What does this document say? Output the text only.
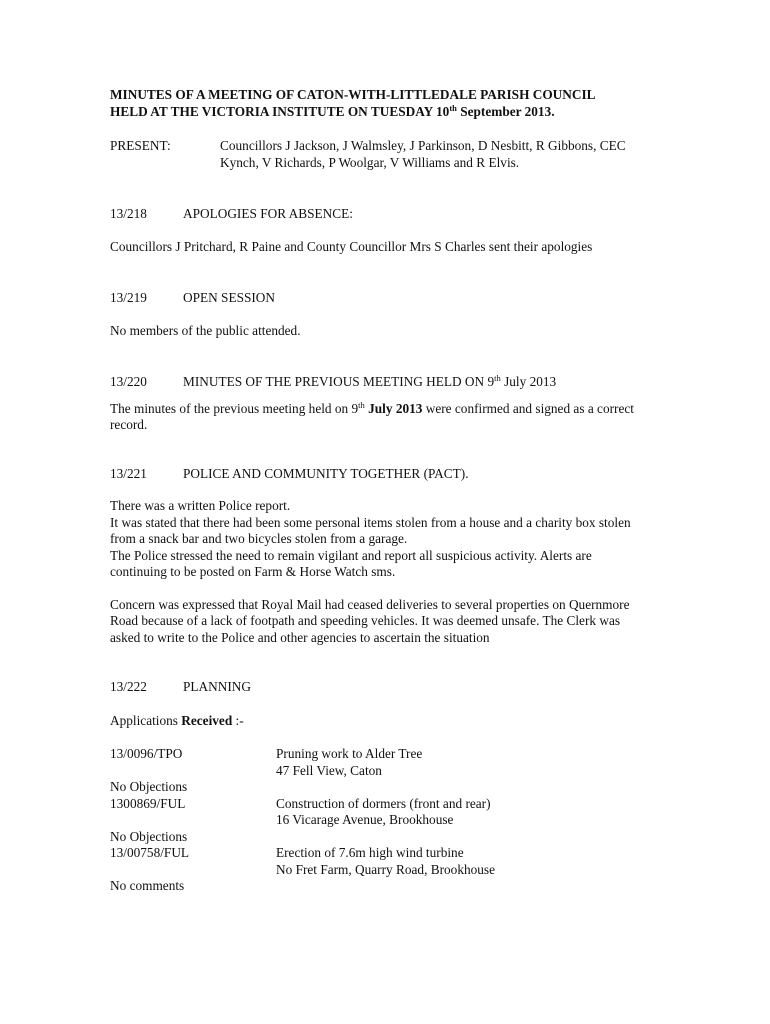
MINUTES OF A MEETING OF CATON-WITH-LITTLEDALE PARISH COUNCIL
HELD AT THE VICTORIA INSTITUTE ON TUESDAY 10th September 2013.
PRESENT:	Councillors J Jackson, J Walmsley, J Parkinson, D Nesbitt, R Gibbons, CEC
Kynch, V Richards, P Woolgar, V Williams and R Elvis.
13/218	APOLOGIES FOR ABSENCE:

Councillors J Pritchard, R Paine and County Councillor Mrs S Charles sent their apologies

13/219	OPEN SESSION

No members of the public attended.

13/220	MINUTES OF THE PREVIOUS MEETING HELD ON 9th July 2013

The minutes of the previous meeting held on 9th July 2013 were confirmed and signed as a correct

record.

13/221	POLICE AND COMMUNITY TOGETHER (PACT).

There was a written Police report.

It was stated that there had been some personal items stolen from a house and a charity box stolen

from a snack bar and two bicycles stolen from a garage.

The Police stressed the need to remain vigilant and report all suspicious activity. Alerts are

continuing to be posted on Farm & Horse Watch sms.

Concern was expressed that Royal Mail had ceased deliveries to several properties on Quernmore

Road because of a lack of footpath and speeding vehicles. It was deemed unsafe. The Clerk was

asked to write to the Police and other agencies to ascertain the situation

13/222	PLANNING

Applications Received :-

13/0096/TPO	Pruning work to Alder Tree
47 Fell View, Caton
No Objections
1300869/FUL	Construction of dormers (front and rear)
16 Vicarage Avenue, Brookhouse
No Objections
13/00758/FUL	Erection of 7.6m high wind turbine
No Fret Farm, Quarry Road, Brookhouse
No comments
